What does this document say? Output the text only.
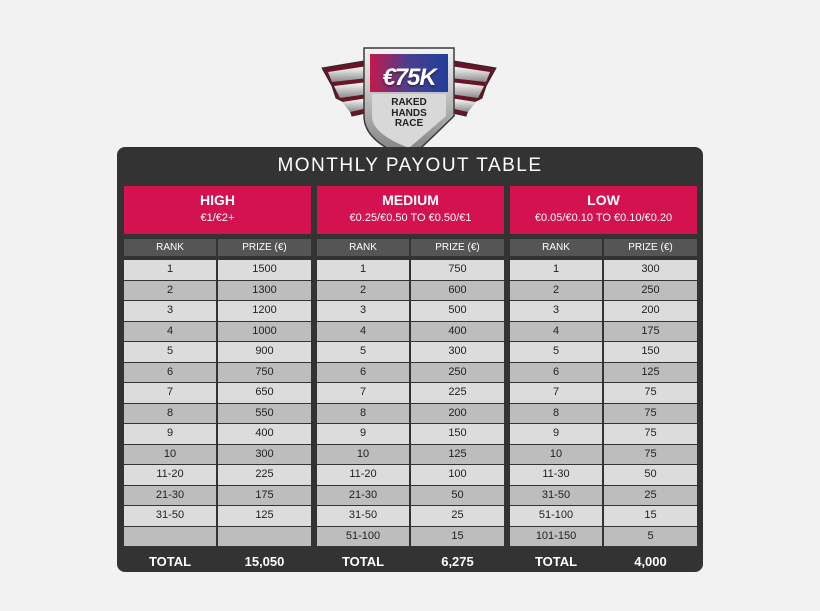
€75K
RAKED
HANDS
RACE
MONTHLY PAYOUT TABLE
HIGH
€1/€2+
RANK	PRIZE (€)
1	1500
2	1300
3	1200
4	1000
5	900
6	750
7	650
8	550
9	400
10	300
11-20	225
21-30	175
31-50	125
TOTAL	15,050
MEDIUM
€0.25/€0.50 TO €0.50/€1
RANK	PRIZE (€)
1	750
2	600
3	500
4	400
5	300
6	250
7	225
8	200
9	150
10	125
11-20	100
21-30	50
31-50	25
51-100	15
TOTAL	6,275
LOW
€0.05/€0.10 TO €0.10/€0.20
RANK	PRIZE (€)
1	300
2	250
3	200
4	175
5	150
6	125
7	75
8	75
9	75
10	75
11-30	50
31-50	25
51-100	15
101-150	5
TOTAL	4,000
